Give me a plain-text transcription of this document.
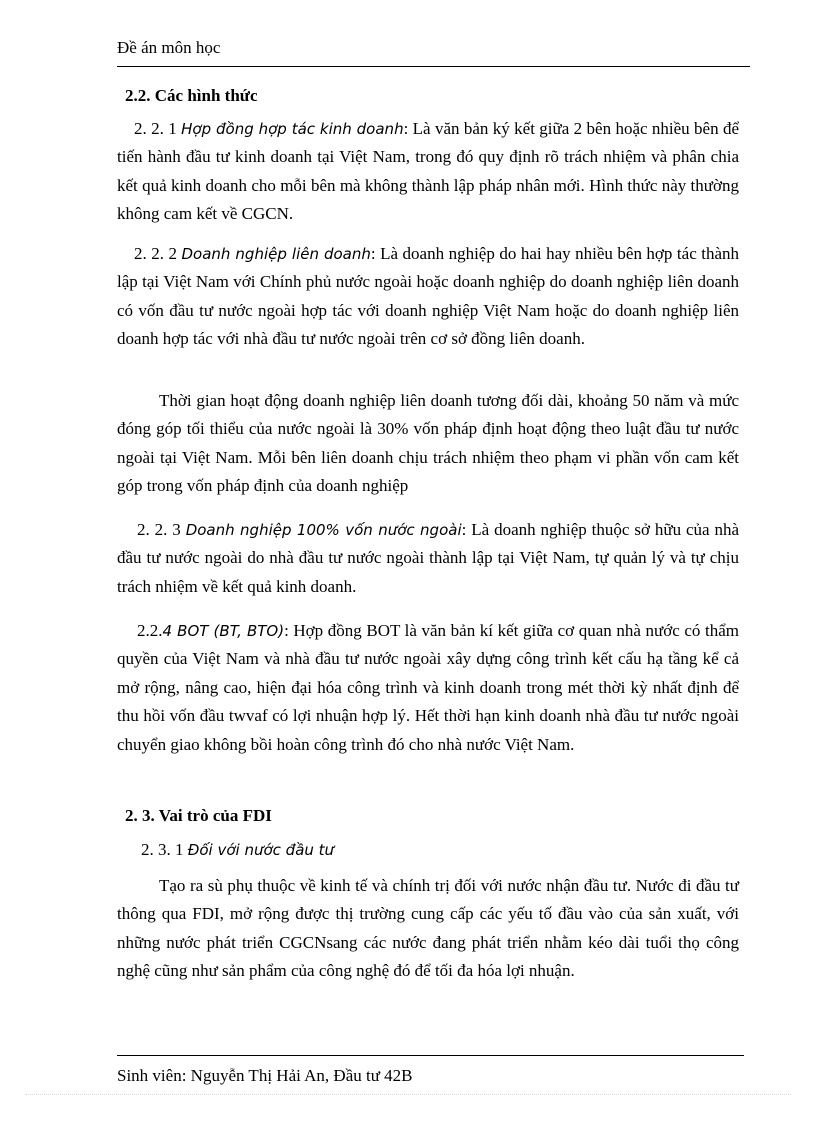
Đề án môn học
2.2. Các hình thức

2. 2. 1 Hợp đồng hợp tác kinh doanh: Là văn bản ký kết giữa 2 bên hoặc nhiều bên để tiến hành đầu tư kinh doanh tại Việt Nam, trong đó quy định rõ trách nhiệm và phân chia kết quả kinh doanh cho mỗi bên mà không thành lập pháp nhân mới. Hình thức này thường không cam kết về CGCN.

2. 2. 2 Doanh nghiệp liên doanh: Là doanh nghiệp do hai hay nhiều bên hợp tác thành lập tại Việt Nam với Chính phủ nước ngoài hoặc doanh nghiệp do doanh nghiệp liên doanh có vốn đầu tư nước ngoài hợp tác với doanh nghiệp Việt Nam hoặc do doanh nghiệp liên doanh hợp tác với nhà đầu tư nước ngoài trên cơ sở đồng liên doanh.

Thời gian hoạt động doanh nghiệp liên doanh tương đối dài, khoảng 50 năm và mức đóng góp tối thiểu của nước ngoài là 30% vốn pháp định hoạt động theo luật đầu tư nước ngoài tại Việt Nam. Mỗi bên liên doanh chịu trách nhiệm theo phạm vi phần vốn cam kết góp trong vốn pháp định của doanh nghiệp

2. 2. 3 Doanh nghiệp 100% vốn nước ngoài: Là doanh nghiệp thuộc sở hữu của nhà đầu tư nước ngoài do nhà đầu tư nước ngoài thành lập tại Việt Nam, tự quản lý và tự chịu trách nhiệm về kết quả kinh doanh.

2.2.4 BOT (BT, BTO): Hợp đồng BOT là văn bản kí kết giữa cơ quan nhà nước có thẩm quyền của Việt Nam và nhà đầu tư nước ngoài xây dựng công trình kết cấu hạ tầng kể cả mở rộng, nâng cao, hiện đại hóa công trình và kinh doanh trong mét thời kỳ nhất định để thu hồi vốn đầu twvaf có lợi nhuận hợp lý. Hết thời hạn kinh doanh nhà đầu tư nước ngoài chuyển giao không bồi hoàn công trình đó cho nhà nước Việt Nam.

2. 3. Vai trò của FDI
2. 3. 1 Đối với nước đầu tư

Tạo ra sù phụ thuộc về kinh tế và chính trị đối với nước nhận đầu tư. Nước đi đầu tư thông qua FDI, mở rộng được thị trường cung cấp các yếu tố đầu vào của sản xuất, với những nước phát triển CGCNsang các nước đang phát triển nhằm kéo dài tuổi thọ công nghệ cũng như sản phẩm của công nghệ đó để tối đa hóa lợi nhuận.

Sinh viên: Nguyễn Thị Hải An, Đầu tư 42B
